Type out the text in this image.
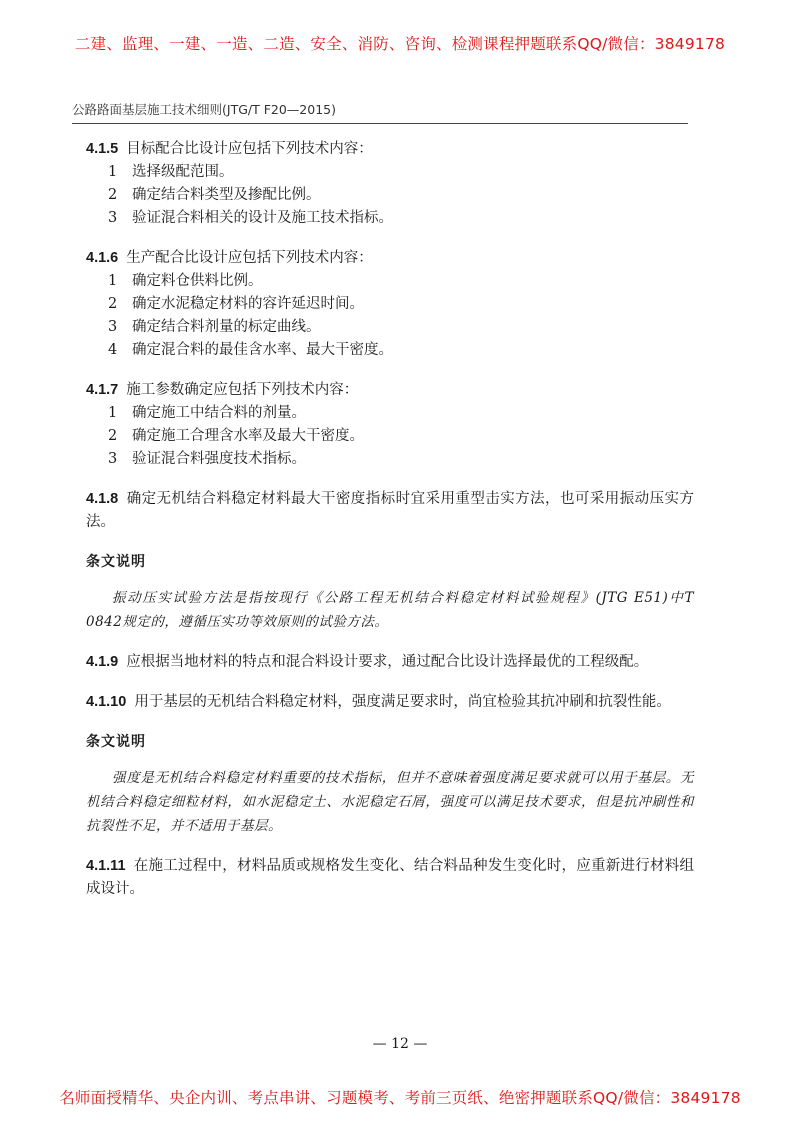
二建、监理、一建、一造、二造、安全、消防、咨询、检测课程押题联系QQ/微信：3849178
公路路面基层施工技术细则(JTG/T F20—2015)

4.1.5 目标配合比设计应包括下列技术内容：

1 选择级配范围。

2 确定结合料类型及掺配比例。

3 验证混合料相关的设计及施工技术指标。

4.1.6 生产配合比设计应包括下列技术内容：

1 确定料仓供料比例。

2 确定水泥稳定材料的容许延迟时间。

3 确定结合料剂量的标定曲线。

4 确定混合料的最佳含水率、最大干密度。

4.1.7 施工参数确定应包括下列技术内容：

1 确定施工中结合料的剂量。

2 确定施工合理含水率及最大干密度。

3 验证混合料强度技术指标。

4.1.8 确定无机结合料稳定材料最大干密度指标时宜采用重型击实方法，也可采用振动压实方法。

条文说明

振动压实试验方法是指按现行《公路工程无机结合料稳定材料试验规程》(JTG E51)中T 0842规定的，遵循压实功等效原则的试验方法。

4.1.9 应根据当地材料的特点和混合料设计要求，通过配合比设计选择最优的工程级配。

4.1.10 用于基层的无机结合料稳定材料，强度满足要求时，尚宜检验其抗冲刷和抗裂性能。

条文说明

强度是无机结合料稳定材料重要的技术指标，但并不意味着强度满足要求就可以用于基层。无机结合料稳定细粒材料，如水泥稳定土、水泥稳定石屑，强度可以满足技术要求，但是抗冲刷性和抗裂性不足，并不适用于基层。

4.1.11 在施工过程中，材料品质或规格发生变化、结合料品种发生变化时，应重新进行材料组成设计。

— 12 —
名师面授精华、央企内训、考点串讲、习题模考、考前三页纸、绝密押题联系QQ/微信：3849178
